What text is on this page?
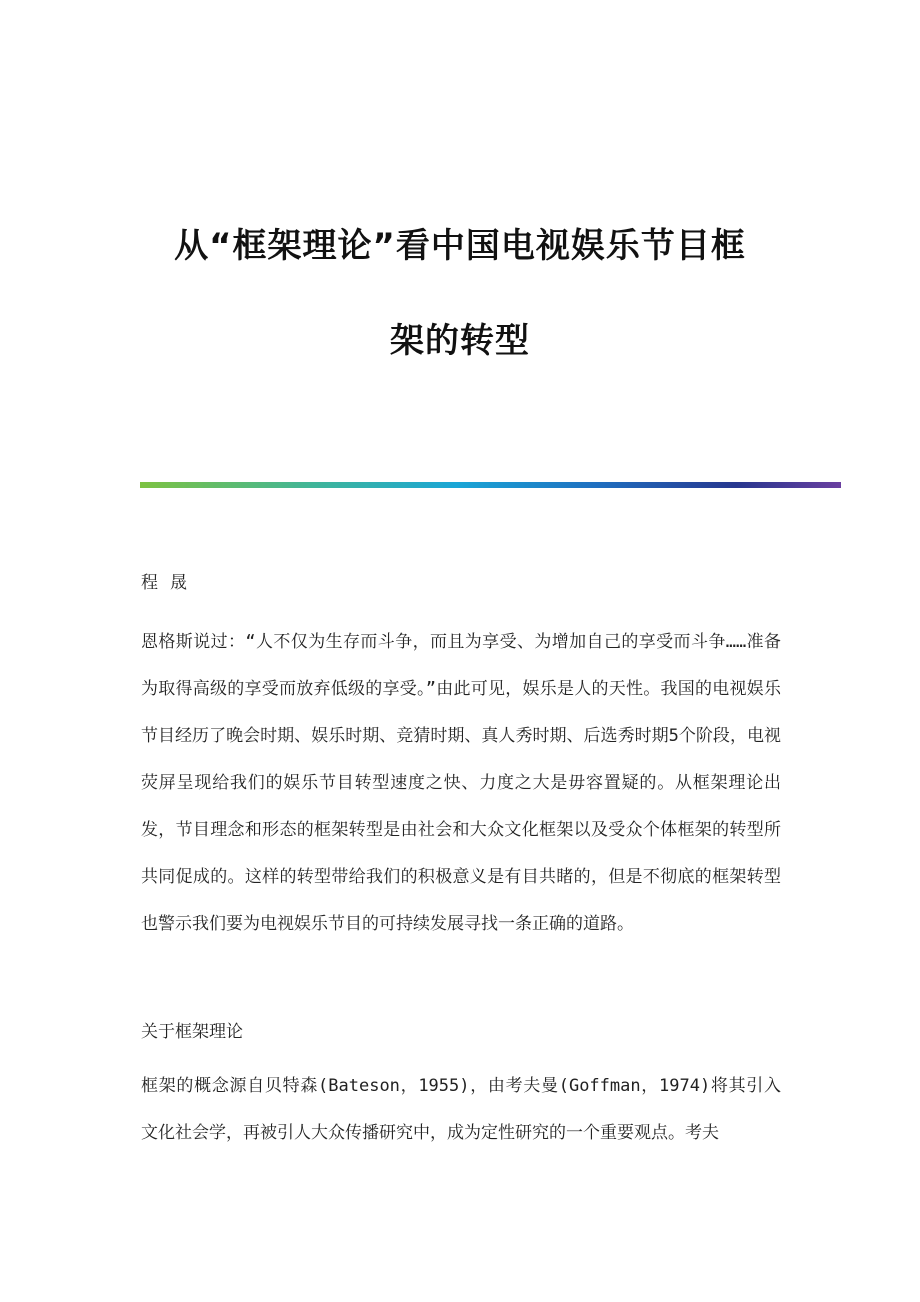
从“框架理论”看中国电视娱乐节目框
架的转型
程晟

恩格斯说过：“人不仅为生存而斗争，而且为享受、为增加自己的享受而斗争……准备为取得高级的享受而放弃低级的享受。”由此可见，娱乐是人的天性。我国的电视娱乐节目经历了晚会时期、娱乐时期、竞猜时期、真人秀时期、后选秀时期5个阶段，电视荧屏呈现给我们的娱乐节目转型速度之快、力度之大是毋容置疑的。从框架理论出发，节目理念和形态的框架转型是由社会和大众文化框架以及受众个体框架的转型所共同促成的。这样的转型带给我们的积极意义是有目共睹的，但是不彻底的框架转型也警示我们要为电视娱乐节目的可持续发展寻找一条正确的道路。

关于框架理论

框架的概念源自贝特森(Bateson，1955)，由考夫曼(Goffman，1974)将其引入文化社会学，再被引人大众传播研究中，成为定性研究的一个重要观点。考夫
